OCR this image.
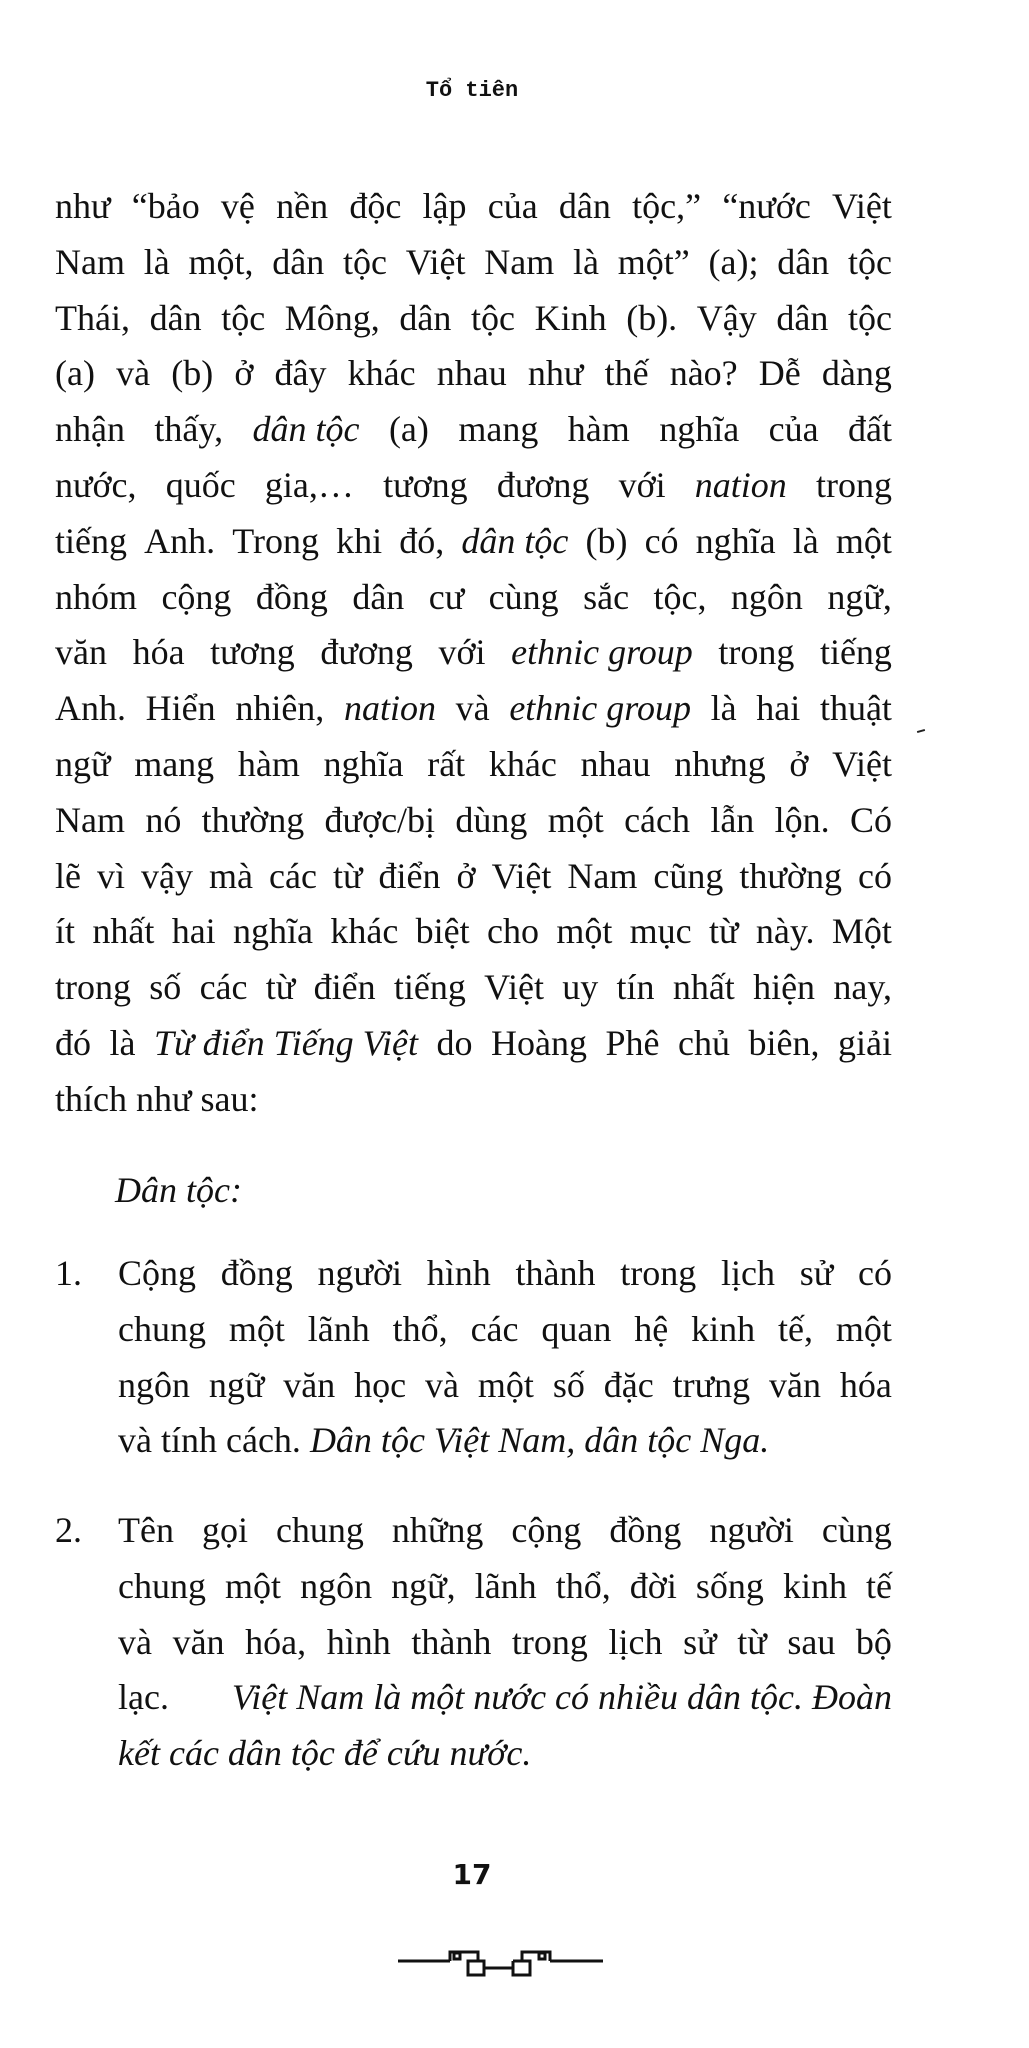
Tổ tiên
như “bảo vệ nền độc lập của dân tộc,” “nước Việt
Nam là một, dân tộc Việt Nam là một” (a); dân tộc
Thái, dân tộc Mông, dân tộc Kinh (b). Vậy dân tộc
(a) và (b) ở đây khác nhau như thế nào? Dễ dàng
nhận thấy, dân tộc (a) mang hàm nghĩa của đất
nước, quốc gia,… tương đương với nation trong
tiếng Anh. Trong khi đó, dân tộc (b) có nghĩa là một
nhóm cộng đồng dân cư cùng sắc tộc, ngôn ngữ,
văn hóa tương đương với ethnic group trong tiếng
Anh. Hiển nhiên, nation và ethnic group là hai thuật
ngữ mang hàm nghĩa rất khác nhau nhưng ở Việt
Nam nó thường được/bị dùng một cách lẫn lộn. Có
lẽ vì vậy mà các từ điển ở Việt Nam cũng thường có
ít nhất hai nghĩa khác biệt cho một mục từ này. Một
trong số các từ điển tiếng Việt uy tín nhất hiện nay,
đó là Từ điển Tiếng Việt do Hoàng Phê chủ biên, giải
thích như sau:
Dân tộc:
1. Cộng đồng người hình thành trong lịch sử có
chung một lãnh thổ, các quan hệ kinh tế, một
ngôn ngữ văn học và một số đặc trưng văn hóa
và tính cách. Dân tộc Việt Nam, dân tộc Nga.
2. Tên gọi chung những cộng đồng người cùng
chung một ngôn ngữ, lãnh thổ, đời sống kinh tế
và văn hóa, hình thành trong lịch sử từ sau bộ
lạc. Việt Nam là một nước có nhiều dân tộc. Đoàn
kết các dân tộc để cứu nước.
17
